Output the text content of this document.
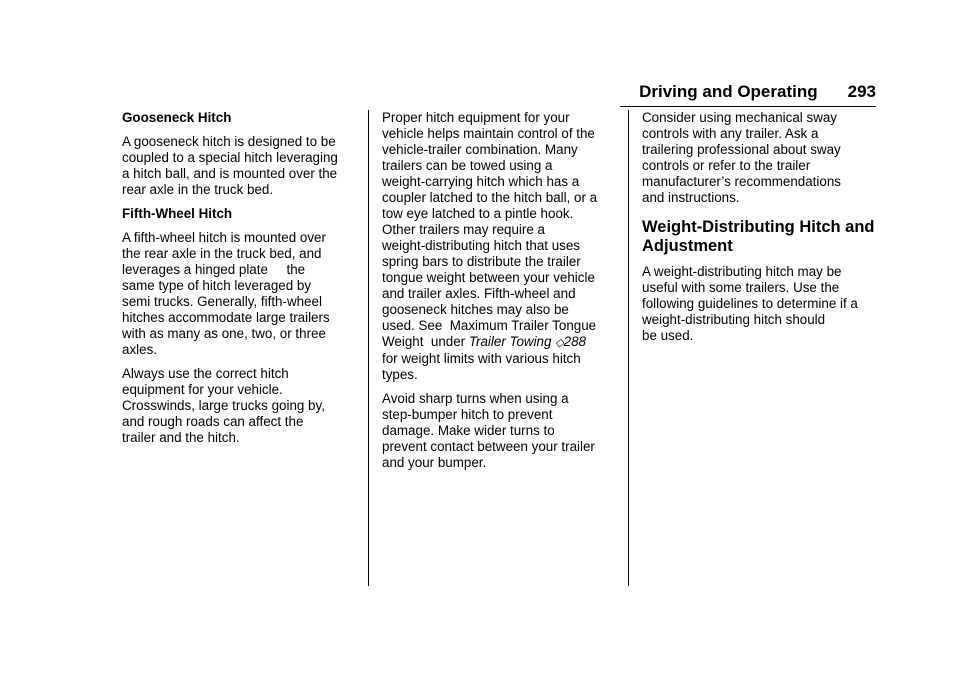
Driving and Operating 293
Gooseneck Hitch
A gooseneck hitch is designed to be
coupled to a special hitch leveraging
a hitch ball, and is mounted over the
rear axle in the truck bed.
Fifth-Wheel Hitch
A fifth-wheel hitch is mounted over
the rear axle in the truck bed, and
leverages a hinged plate     the
same type of hitch leveraged by
semi trucks. Generally, fifth-wheel
hitches accommodate large trailers
with as many as one, two, or three
axles.
Always use the correct hitch
equipment for your vehicle.
Crosswinds, large trucks going by,
and rough roads can affect the
trailer and the hitch.
Proper hitch equipment for your
vehicle helps maintain control of the
vehicle-trailer combination. Many
trailers can be towed using a
weight-carrying hitch which has a
coupler latched to the hitch ball, or a
tow eye latched to a pintle hook.
Other trailers may require a
weight-distributing hitch that uses
spring bars to distribute the trailer
tongue weight between your vehicle
and trailer axles. Fifth-wheel and
gooseneck hitches may also be
used. See  Maximum Trailer Tongue
Weight  under Trailer Towing ◇288
for weight limits with various hitch
types.
Avoid sharp turns when using a
step-bumper hitch to prevent
damage. Make wider turns to
prevent contact between your trailer
and your bumper.
Consider using mechanical sway
controls with any trailer. Ask a
trailering professional about sway
controls or refer to the trailer
manufacturer’s recommendations
and instructions.
Weight-Distributing Hitch and
Adjustment
A weight-distributing hitch may be
useful with some trailers. Use the
following guidelines to determine if a
weight-distributing hitch should
be used.
